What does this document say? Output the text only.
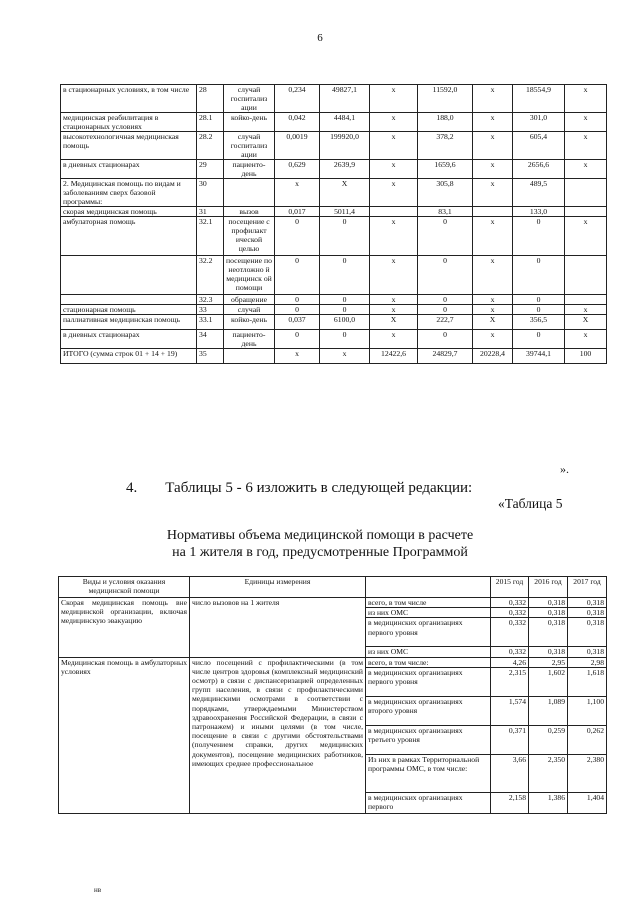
6
в стационарных условиях, в том числе	28	случай госпитализ ации	0,234	49827,1	х	11592,0	х	18554,9	х
медицинская реабилитация в стационарных условиях	28.1	койко-день	0,042	4484,1	х	188,0	х	301,0	х
высокотехнологичная медицинская помощь	28.2	случай госпитализ ации	0,0019	199920,0	х	378,2	х	605,4	х
в дневных стационарах	29	пациенто-день	0,629	2639,9	х	1659,6	х	2656,6	х
2. Медицинская помощь по видам и заболеваниям сверх базовой программы:	30		х	Х	х	305,8	х	489,5	
скорая медицинская помощь	31	вызов	0,017	5011,4		83,1		133,0	
амбулаторная помощь	32.1	посещение с профилакт ической целью	0	0	х	0	х	0	х
	32.2	посещение по неотложно й медицинск ой помощи	0	0	х	0	х	0	
	32.3	обращение	0	0	х	0	х	0	
стационарная помощь	33	случай	0	0	х	0	х	0	х
паллиативная медицинская помощь	33.1	койко-день	0,037	6100,0	Х	222,7	Х	356,5	Х
в дневных стационарах	34	пациенто-день	0	0	х	0	х	0	х
ИТОГО (сумма строк 01 + 14 + 19)	35		х	х	12422,6	24829,7	20228,4	39744,1	100
».
4. Таблицы 5 - 6 изложить в следующей редакции:
«Таблица 5
Нормативы объема медицинской помощи в расчете
на 1 жителя в год, предусмотренные Программой
Виды и условия оказания медицинской помощи	Единицы измерения		2015 год	2016 год	2017 год
Скорая медицинская помощь вне медицинской организации, включая медицинскую эвакуацию	число вызовов на 1 жителя	всего, в том числе	0,332	0,318	0,318
		из них ОМС	0,332	0,318	0,318
		в медицинских организациях первого уровня	0,332	0,318	0,318
		из них ОМС	0,332	0,318	0,318
Медицинская помощь в амбулаторных условиях	число посещений с профилактическими (в том числе центров здоровья (комплексный медицинский осмотр) в связи с диспансеризацией определенных групп населения, в связи с профилактическими медицинскими осмотрами в соответствии с порядками, утверждаемыми Министерством здравоохранения Российской Федерации, в связи с патронажем) и иными целями (в том числе, посещение в связи с другими обстоятельствами (получением справки, других медицинских документов), посещение медицинских работников, имеющих среднее профессиональное	всего, в том числе:	4,26	2,95	2,98
		в медицинских организациях первого уровня	2,315	1,602	1,618
		в медицинских организациях второго уровня	1,574	1,089	1,100
		в медицинских организациях третьего уровня	0,371	0,259	0,262
		Из них в рамках Территориальной программы ОМС, в том числе:	3,66	2,350	2,380
		в медицинских организациях первого	2,158	1,386	1,404
нв
